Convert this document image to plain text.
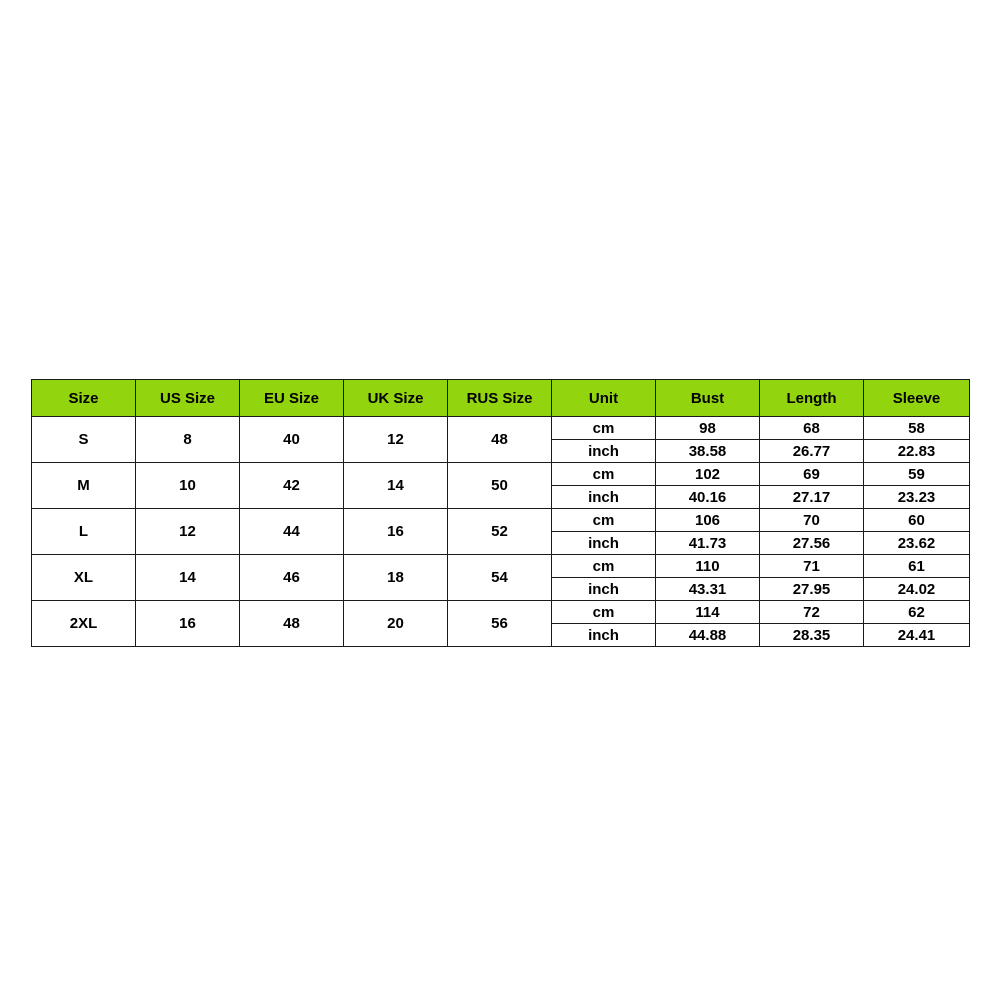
Size	US Size	EU Size	UK Size	RUS Size	Unit	Bust	Length	Sleeve
S	8	40	12	48	cm	98	68	58
					inch	38.58	26.77	22.83
M	10	42	14	50	cm	102	69	59
					inch	40.16	27.17	23.23
L	12	44	16	52	cm	106	70	60
					inch	41.73	27.56	23.62
XL	14	46	18	54	cm	110	71	61
					inch	43.31	27.95	24.02
2XL	16	48	20	56	cm	114	72	62
					inch	44.88	28.35	24.41
